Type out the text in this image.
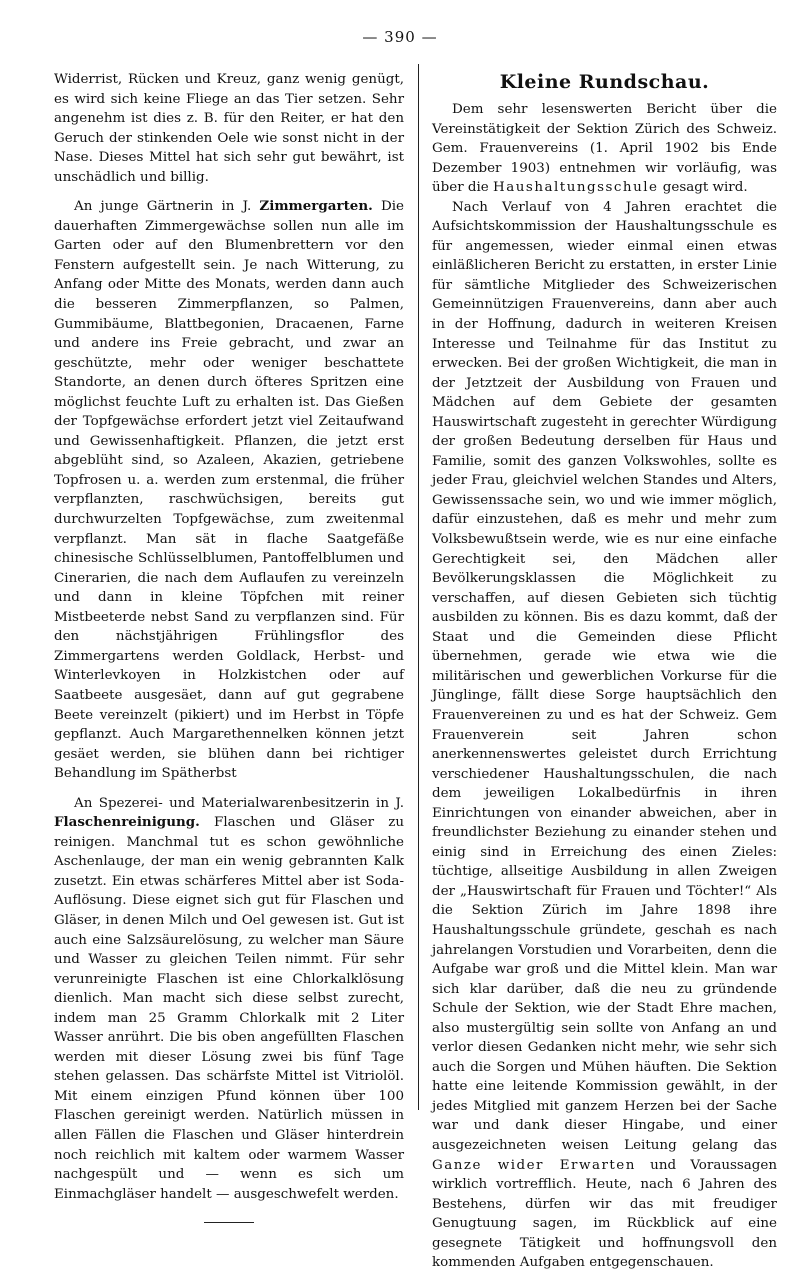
— 390 —

Widerrist, Rücken und Kreuz, ganz wenig genügt, es wird sich keine Fliege an das Tier setzen. Sehr angenehm ist dies z. B. für den Reiter, er hat den Geruch der stinkenden Oele wie sonst nicht in der Nase. Dieses Mittel hat sich sehr gut bewährt, ist unschädlich und billig.

An junge Gärtnerin in J. Zimmergarten. Die dauerhaften Zimmergewächse sollen nun alle im Garten oder auf den Blumenbrettern vor den Fenstern aufgestellt sein. Je nach Witterung, zu Anfang oder Mitte des Monats, werden dann auch die besseren Zimmerpflanzen, so Palmen, Gummibäume, Blattbegonien, Dracaenen, Farne und andere ins Freie gebracht, und zwar an geschützte, mehr oder weniger beschattete Standorte, an denen durch öfteres Spritzen eine möglichst feuchte Luft zu erhalten ist. Das Gießen der Topfgewächse erfordert jetzt viel Zeitaufwand und Gewissenhaftigkeit. Pflanzen, die jetzt erst abgeblüht sind, so Azaleen, Akazien, getriebene Topfrosen u. a. werden zum erstenmal, die früher verpflanzten, raschwüchsigen, bereits gut durchwurzelten Topfgewächse, zum zweitenmal verpflanzt. Man sät in flache Saatgefäße chinesische Schlüsselblumen, Pantoffelblumen und Cinerarien, die nach dem Auflaufen zu vereinzeln und dann in kleine Töpfchen mit reiner Mistbeeterde nebst Sand zu verpflanzen sind. Für den nächstjährigen Frühlingsflor des Zimmergartens werden Goldlack, Herbst- und Winterlevkoyen in Holzkistchen oder auf Saatbeete ausgesäet, dann auf gut gegrabene Beete vereinzelt (pikiert) und im Herbst in Töpfe gepflanzt. Auch Margarethennelken können jetzt gesäet werden, sie blühen dann bei richtiger Behandlung im Spätherbst

An Spezerei- und Materialwarenbesitzerin in J. Flaschenreinigung. Flaschen und Gläser zu reinigen. Manchmal tut es schon gewöhnliche Aschenlauge, der man ein wenig gebrannten Kalk zusetzt. Ein etwas schärferes Mittel aber ist Soda-Auflösung. Diese eignet sich gut für Flaschen und Gläser, in denen Milch und Oel gewesen ist. Gut ist auch eine Salzsäurelösung, zu welcher man Säure und Wasser zu gleichen Teilen nimmt. Für sehr verunreinigte Flaschen ist eine Chlorkalklösung dienlich. Man macht sich diese selbst zurecht, indem man 25 Gramm Chlorkalk mit 2 Liter Wasser anrührt. Die bis oben angefüllten Flaschen werden mit dieser Lösung zwei bis fünf Tage stehen gelassen. Das schärfste Mittel ist Vitriolöl. Mit einem einzigen Pfund können über 100 Flaschen gereinigt werden. Natürlich müssen in allen Fällen die Flaschen und Gläser hinterdrein noch reichlich mit kaltem oder warmem Wasser nachgespült und — wenn es sich um Einmachgläser handelt — ausgeschwefelt werden.

Kleine Rundschau.

Dem sehr lesenswerten Bericht über die Vereinstätigkeit der Sektion Zürich des Schweiz. Gem. Frauenvereins (1. April 1902 bis Ende Dezember 1903) entnehmen wir vorläufig, was über die Haushaltungsschule gesagt wird.

Nach Verlauf von 4 Jahren erachtet die Aufsichtskommission der Haushaltungsschule es für angemessen, wieder einmal einen etwas einläßlicheren Bericht zu erstatten, in erster Linie für sämtliche Mitglieder des Schweizerischen Gemeinnützigen Frauenvereins, dann aber auch in der Hoffnung, dadurch in weiteren Kreisen Interesse und Teilnahme für das Institut zu erwecken. Bei der großen Wichtigkeit, die man in der Jetztzeit der Ausbildung von Frauen und Mädchen auf dem Gebiete der gesamten Hauswirtschaft zugesteht in gerechter Würdigung der großen Bedeutung derselben für Haus und Familie, somit des ganzen Volkswohles, sollte es jeder Frau, gleichviel welchen Standes und Alters, Gewissenssache sein, wo und wie immer möglich, dafür einzustehen, daß es mehr und mehr zum Volksbewußtsein werde, wie es nur eine einfache Gerechtigkeit sei, den Mädchen aller Bevölkerungsklassen die Möglichkeit zu verschaffen, auf diesen Gebieten sich tüchtig ausbilden zu können. Bis es dazu kommt, daß der Staat und die Gemeinden diese Pflicht übernehmen, gerade wie etwa wie die militärischen und gewerblichen Vorkurse für die Jünglinge, fällt diese Sorge hauptsächlich den Frauenvereinen zu und es hat der Schweiz. Gem Frauenverein seit Jahren schon anerkennenswertes geleistet durch Errichtung verschiedener Haushaltungsschulen, die nach dem jeweiligen Lokalbedürfnis in ihren Einrichtungen von einander abweichen, aber in freundlichster Beziehung zu einander stehen und einig sind in Erreichung des einen Zieles: tüchtige, allseitige Ausbildung in allen Zweigen der „Hauswirtschaft für Frauen und Töchter!“ Als die Sektion Zürich im Jahre 1898 ihre Haushaltungsschule gründete, geschah es nach jahrelangen Vorstudien und Vorarbeiten, denn die Aufgabe war groß und die Mittel klein. Man war sich klar darüber, daß die neu zu gründende Schule der Sektion, wie der Stadt Ehre machen, also mustergültig sein sollte von Anfang an und verlor diesen Gedanken nicht mehr, wie sehr sich auch die Sorgen und Mühen häuften. Die Sektion hatte eine leitende Kommission gewählt, in der jedes Mitglied mit ganzem Herzen bei der Sache war und dank dieser Hingabe, und einer ausgezeichneten weisen Leitung gelang das Ganze wider Erwarten und Voraussagen wirklich vortrefflich. Heute, nach 6 Jahren des Bestehens, dürfen wir das mit freudiger Genugtuung sagen, im Rückblick auf eine gesegnete Tätigkeit und hoffnungsvoll den kommenden Aufgaben entgegenschauen.
